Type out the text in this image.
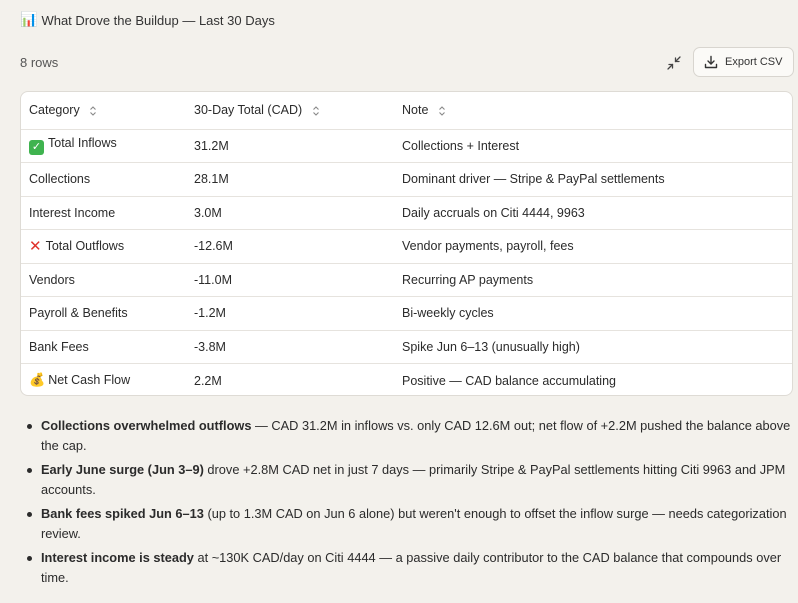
📊 What Drove the Buildup — Last 30 Days
8 rows	Export CSV
Category	30-Day Total (CAD)	Note
✓ Total Inflows	31.2M	Collections + Interest
Collections	28.1M	Dominant driver — Stripe & PayPal settlements
Interest Income	3.0M	Daily accruals on Citi 4444, 9963
✕ Total Outflows	-12.6M	Vendor payments, payroll, fees
Vendors	-11.0M	Recurring AP payments
Payroll & Benefits	-1.2M	Bi-weekly cycles
Bank Fees	-3.8M	Spike Jun 6–13 (unusually high)
💰 Net Cash Flow	2.2M	Positive — CAD balance accumulating
Collections overwhelmed outflows — CAD 31.2M in inflows vs. only CAD 12.6M out; net flow of +2.2M pushed the balance above the cap.
Early June surge (Jun 3–9) drove +2.8M CAD net in just 7 days — primarily Stripe & PayPal settlements hitting Citi 9963 and JPM accounts.
Bank fees spiked Jun 6–13 (up to 1.3M CAD on Jun 6 alone) but weren't enough to offset the inflow surge — needs categorization review.
Interest income is steady at ~130K CAD/day on Citi 4444 — a passive daily contributor to the CAD balance that compounds over time.
